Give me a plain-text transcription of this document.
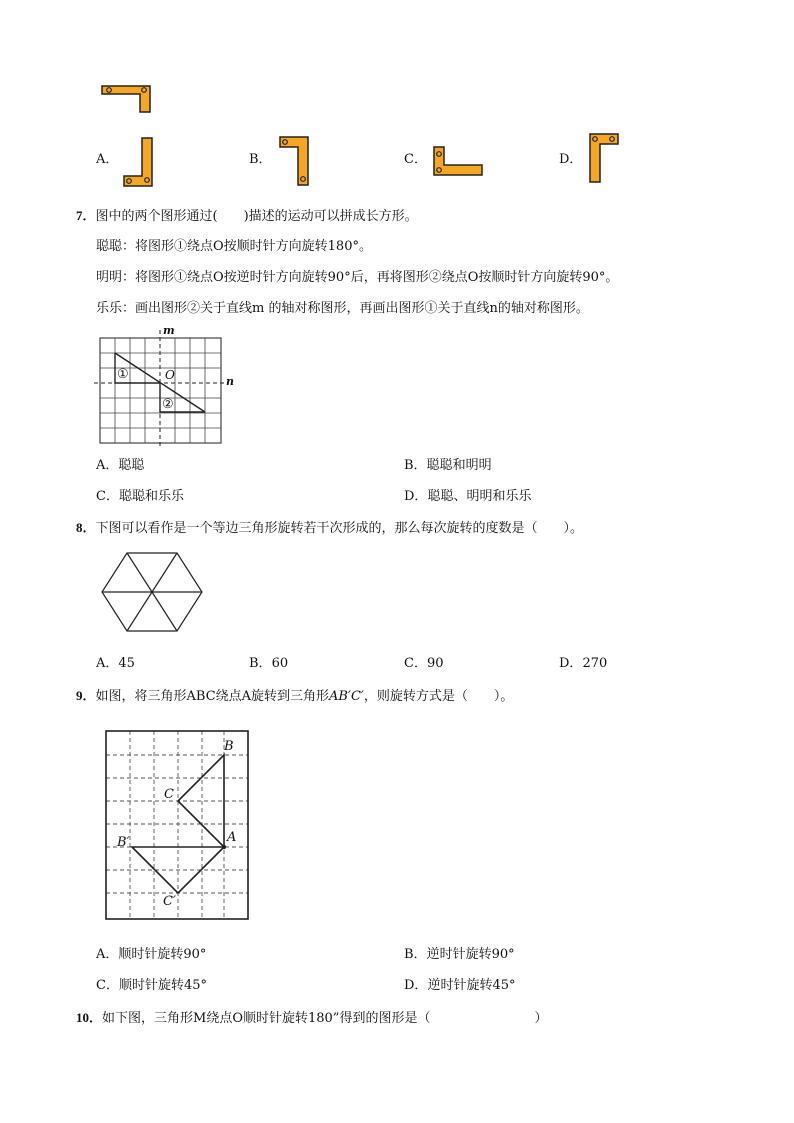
A．	B．	C．	D．
7．图中的两个图形通过(　　)描述的运动可以拼成长方形。
聪聪：将图形①绕点O按顺时针方向旋转180°。
明明：将图形①绕点O按逆时针方向旋转90°后，再将图形②绕点O按顺时针方向旋转90°。
乐乐：画出图形②关于直线m 的轴对称图形，再画出图形①关于直线n的轴对称图形。
m
n
O
①
②
A．聪聪	B．聪聪和明明
C．聪聪和乐乐	D．聪聪、明明和乐乐
8．下图可以看作是一个等边三角形旋转若干次形成的，那么每次旋转的度数是（　　）。
A．45	B．60	C．90	D．270
9．如图，将三角形ABC绕点A旋转到三角形AB′C′，则旋转方式是（　　）。
B
C
A
B′
C′
A．顺时针旋转90°	B．逆时针旋转90°
C．顺时针旋转45°	D．逆时针旋转45°
10．如下图，三角形M绕点O顺时针旋转180”得到的图形是（　　　　　　　　）
